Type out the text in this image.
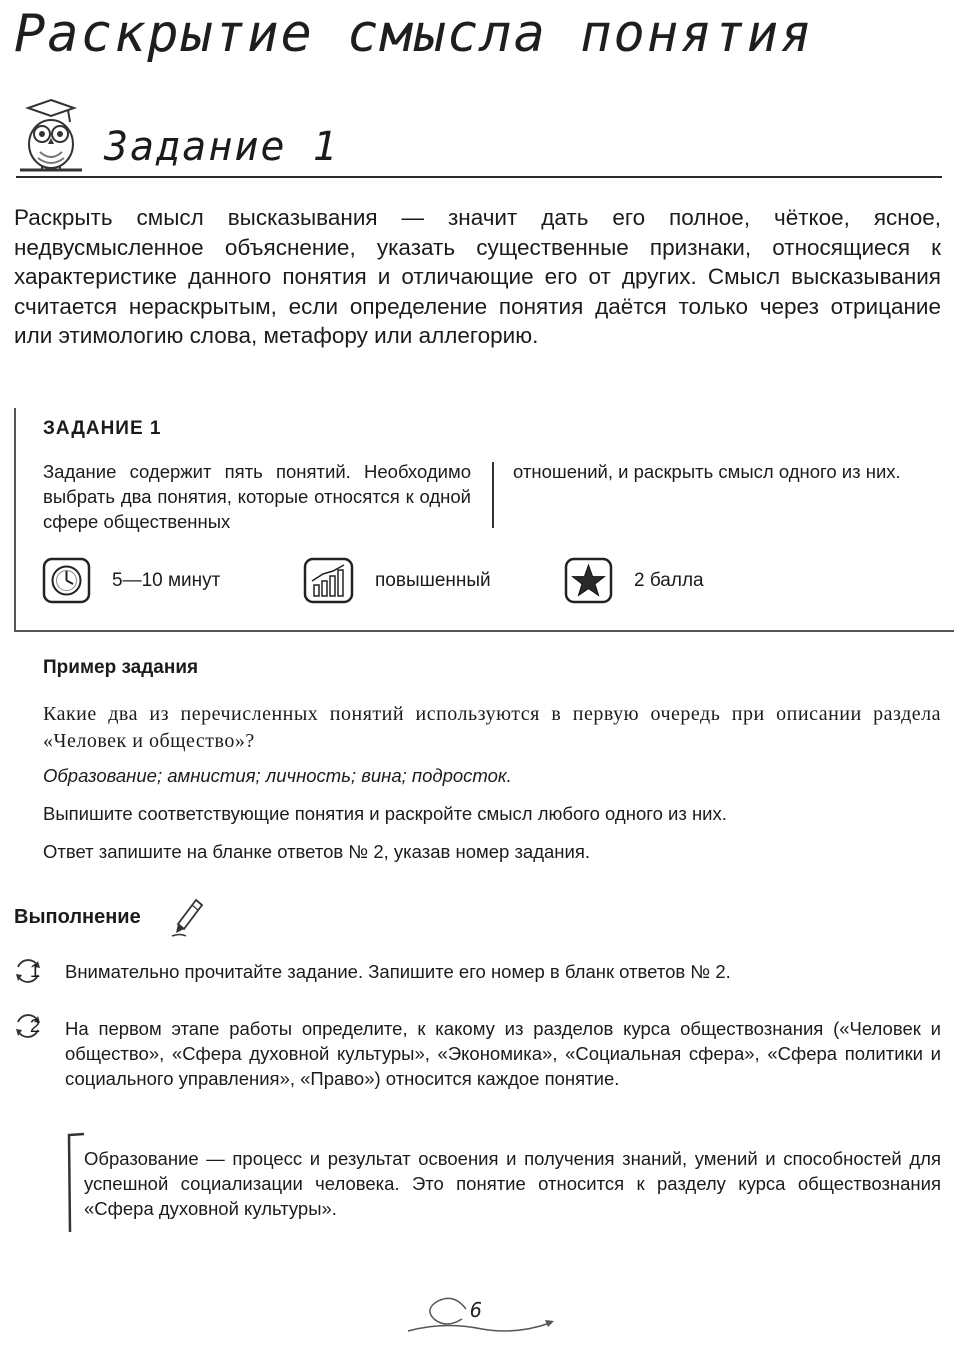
Раскрытие смысла понятия
Задание 1
Раскрыть смысл высказывания — значит дать его полное, чёткое, ясное, недвусмысленное объяснение, указать существенные признаки, относящиеся к характеристике данного понятия и отличающие его от других. Смысл высказывания считается нераскрытым, если определение понятия даётся только через отрицание или этимологию слова, метафору или аллегорию.
ЗАДАНИЕ 1
Задание содержит пять понятий. Необходимо выбрать два понятия, которые относятся к одной сфере общественных
отношений, и раскрыть смысл одного из них.
5—10 минут	повышенный	2 балла
Пример задания
Какие два из перечисленных понятий используются в первую очередь при описании раздела «Человек и общество»?
Образование; амнистия; личность; вина; подросток.
Выпишите соответствующие понятия и раскройте смысл любого одного из них.
Ответ запишите на бланке ответов № 2, указав номер задания.
Выполнение
1	Внимательно прочитайте задание. Запишите его номер в бланк ответов № 2.
2	На первом этапе работы определите, к какому из разделов курса обществознания («Человек и общество», «Сфера духовной культуры», «Экономика», «Социальная сфера», «Сфера политики и социального управления», «Право») относится каждое понятие.
Образование — процесс и результат освоения и получения знаний, умений и способностей для успешной социализации человека. Это понятие относится к разделу курса обществознания «Сфера духовной культуры».
6
